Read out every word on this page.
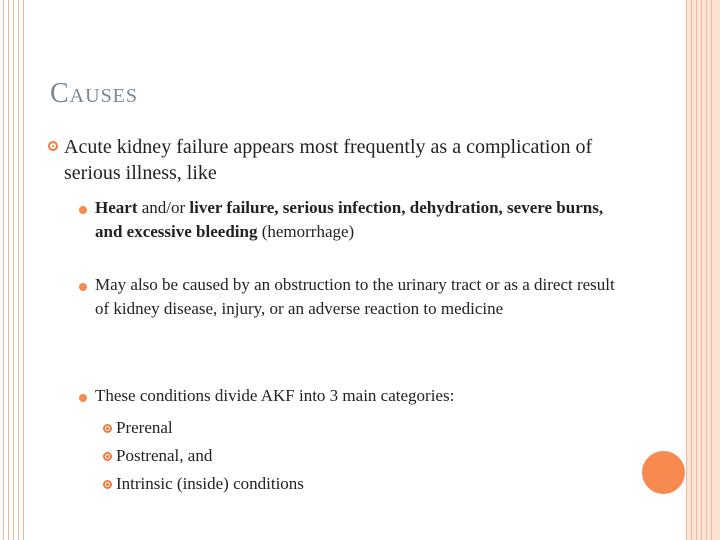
Causes
Acute kidney failure appears most frequently as a complication of serious illness, like
Heart and/or liver failure, serious infection, dehydration, severe burns, and excessive bleeding (hemorrhage)
May also be caused by an obstruction to the urinary tract or as a direct result of kidney disease, injury, or an adverse reaction to medicine
These conditions divide AKF into 3 main categories:
Prerenal
Postrenal, and
Intrinsic (inside) conditions
